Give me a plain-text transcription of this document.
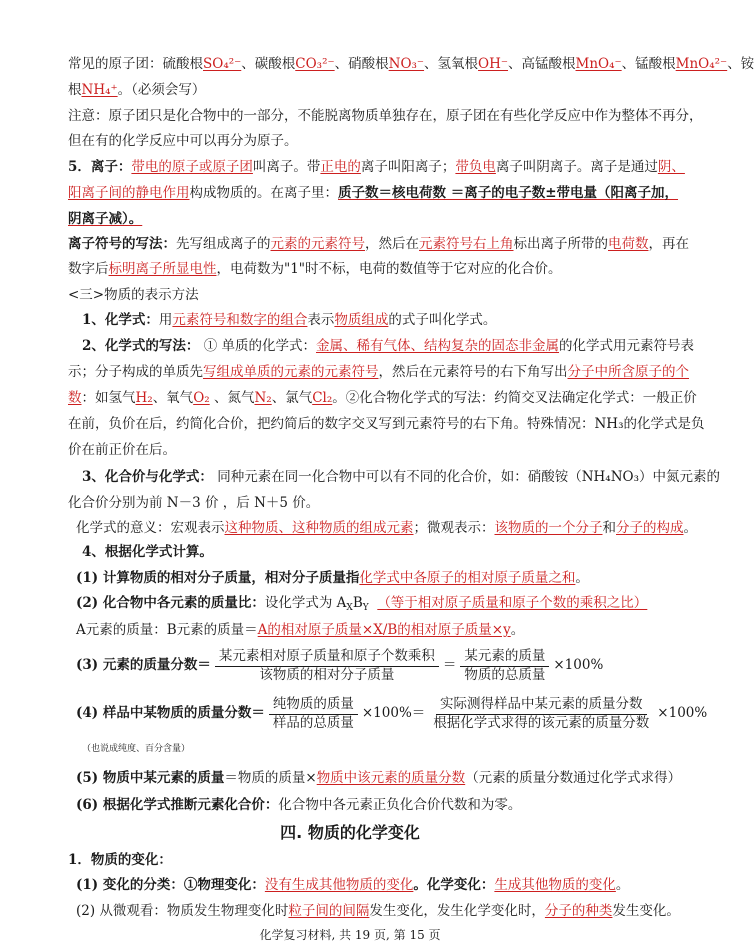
常见的原子团：硫酸根SO₄²⁻、碳酸根CO₃²⁻、硝酸根NO₃⁻、氢氧根OH⁻、高锰酸根MnO₄⁻、锰酸根MnO₄²⁻、铵
根NH₄⁺。（必须会写）
注意：原子团只是化合物中的一部分，不能脱离物质单独存在，原子团在有些化学反应中作为整体不再分，
但在有的化学反应中可以再分为原子。
5．离子：带电的原子或原子团叫离子。带正电的离子叫阳离子；带负电离子叫阴离子。离子是通过阴、
阳离子间的静电作用构成物质的。在离子里：质子数＝核电荷数 ＝离子的电子数±带电量（阳离子加，
阴离子减）。
离子符号的写法：先写组成离子的元素的元素符号，然后在元素符号右上角标出离子所带的电荷数，再在
数字后标明离子所显电性，电荷数为"1"时不标，电荷的数值等于它对应的化合价。
<三>物质的表示方法
1、化学式：用元素符号和数字的组合表示物质组成的式子叫化学式。
2、化学式的写法： ① 单质的化学式：金属、稀有气体、结构复杂的固态非金属的化学式用元素符号表
示；分子构成的单质先写组成单质的元素的元素符号，然后在元素符号的右下角写出分子中所含原子的个
数：如氢气H₂、氧气O₂ 、氮气N₂、氯气Cl₂。②化合物化学式的写法：约简交叉法确定化学式：一般正价
在前，负价在后，约简化合价，把约简后的数字交叉写到元素符号的右下角。特殊情况：NH₃的化学式是负
价在前正价在后。
3、化合价与化学式： 同种元素在同一化合物中可以有不同的化合价，如：硝酸铵（NH₄NO₃）中氮元素的
化合价分别为前 N－3 价 ，后 N＋5 价。
化学式的意义：宏观表示这种物质、这种物质的组成元素；微观表示：该物质的一个分子和分子的构成。
4、根据化学式计算。
(1) 计算物质的相对分子质量，相对分子质量指化学式中各原子的相对原子质量之和。
(2) 化合物中各元素的质量比：设化学式为 $A_XB_Y$ （等于相对原子质量和原子个数的乘积之比）
A元素的质量：B元素的质量＝A的相对原子质量×X/B的相对原子质量×y。
(3) 元素的质量分数＝ $\frac{\text{某元素相对原子质量和原子个数乘积}}{\text{该物质的相对分子质量}} = \frac{\text{某元素的质量}}{\text{物质的总质量}} \times 100\%$
(4) 样品中某物质的质量分数＝ $\frac{\text{纯物质的质量}}{\text{样品的总质量}} \times 100\%= \frac{\text{实际测得样品中某元素的质量分数}}{\text{根据化学式求得的该元素的质量分数}} \times 100\%$
（也说成纯度、百分含量）
(5) 物质中某元素的质量＝物质的质量×物质中该元素的质量分数（元素的质量分数通过化学式求得）
(6) 根据化学式推断元素化合价：化合物中各元素正负化合价代数和为零。
四. 物质的化学变化
1．物质的变化：
(1) 变化的分类：①物理变化：没有生成其他物质的变化。化学变化：生成其他物质的变化。
(2) 从微观看：物质发生物理变化时粒子间的间隔发生变化，发生化学变化时，分子的种类发生变化。
化学复习材料, 共 19 页, 第 15 页
